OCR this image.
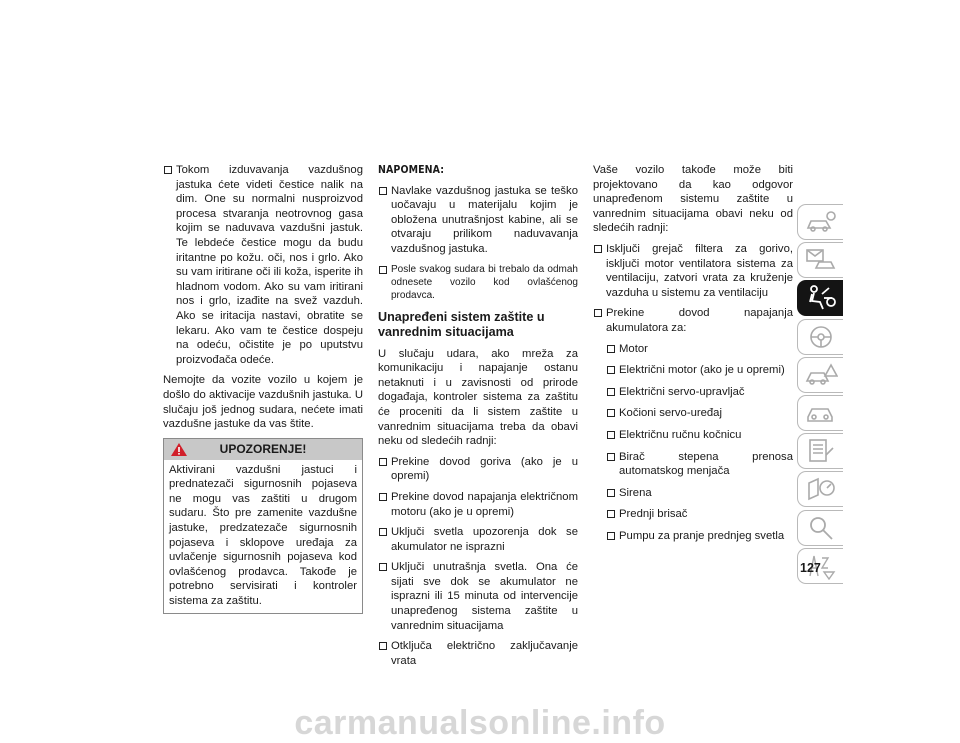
Tokom izduvavanja vazdušnog jastuka ćete videti čestice nalik na dim. One su normalni nusproizvod procesa stvaranja neotrovnog gasa kojim se naduvava vazdušni jastuk. Te lebdeće čestice mogu da budu iritantne po kožu. oči, nos i grlo. Ako su vam iritirane oči ili koža, isperite ih hladnom vodom. Ako su vam iritirani nos i grlo, izađite na svež vazduh. Ako se iritacija nastavi, obratite se lekaru. Ako vam te čestice dospeju na odeću, očistite je po uputstvu proizvođača odeće.

Nemojte da vozite vozilo u kojem je došlo do aktivacije vazdušnih jastuka. U slučaju još jednog sudara, nećete imati vazdušne jastuke da vas štite.

UPOZORENJE!
Aktivirani vazdušni jastuci i prednatezači sigurnosnih pojaseva ne mogu vas zaštiti u drugom sudaru. Što pre zamenite vazdušne jastuke, predzatezače sigurnosnih pojaseva i sklopove uređaja za uvlačenje sigurnosnih pojaseva kod ovlašćenog prodavca. Takođe je potrebno servisirati i kontroler sistema za zaštitu.
NAPOMENA:
Navlake vazdušnog jastuka se teško uočavaju u materijalu kojim je obložena unutrašnjost kabine, ali se otvaraju prilikom naduvavanja vazdušnog jastuka.
Posle svakog sudara bi trebalo da odmah odnesete vozilo kod ovlašćenog prodavca.
Unapređeni sistem zaštite u vanrednim situacijama

U slučaju udara, ako mreža za komunikaciju i napajanje ostanu netaknuti i u zavisnosti od prirode događaja, kontroler sistema za zaštitu će proceniti da li sistem zaštite u vanrednim situacijama treba da obavi neku od sledećih radnji:

Prekine dovod goriva (ako je u opremi)
Prekine dovod napajanja električnom motoru (ako je u opremi)
Uključi svetla upozorenja dok se akumulator ne isprazni
Uključi unutrašnja svetla. Ona će sijati sve dok se akumulator ne isprazni ili 15 minuta od intervencije unapređenog sistema zaštite u vanrednim situacijama
Otključa električno zaključavanje vrata

Vaše vozilo takođe može biti projektovano da kao odgovor unapređenom sistemu zaštite u vanrednim situacijama obavi neku od sledećih radnji:

Isključi grejač filtera za gorivo, isključi motor ventilatora sistema za ventilaciju, zatvori vrata za kruženje vazduha u sistemu za ventilaciju
Prekine dovod napajanja akumulatora za:
Motor
Električni motor (ako je u opremi)
Električni servo-upravljač
Kočioni servo-uređaj
Električnu ručnu kočnicu
Birač stepena prenosa automatskog menjača
Sirena
Prednji brisač
Pumpu za pranje prednjeg svetla
127
carmanualsonline.info
